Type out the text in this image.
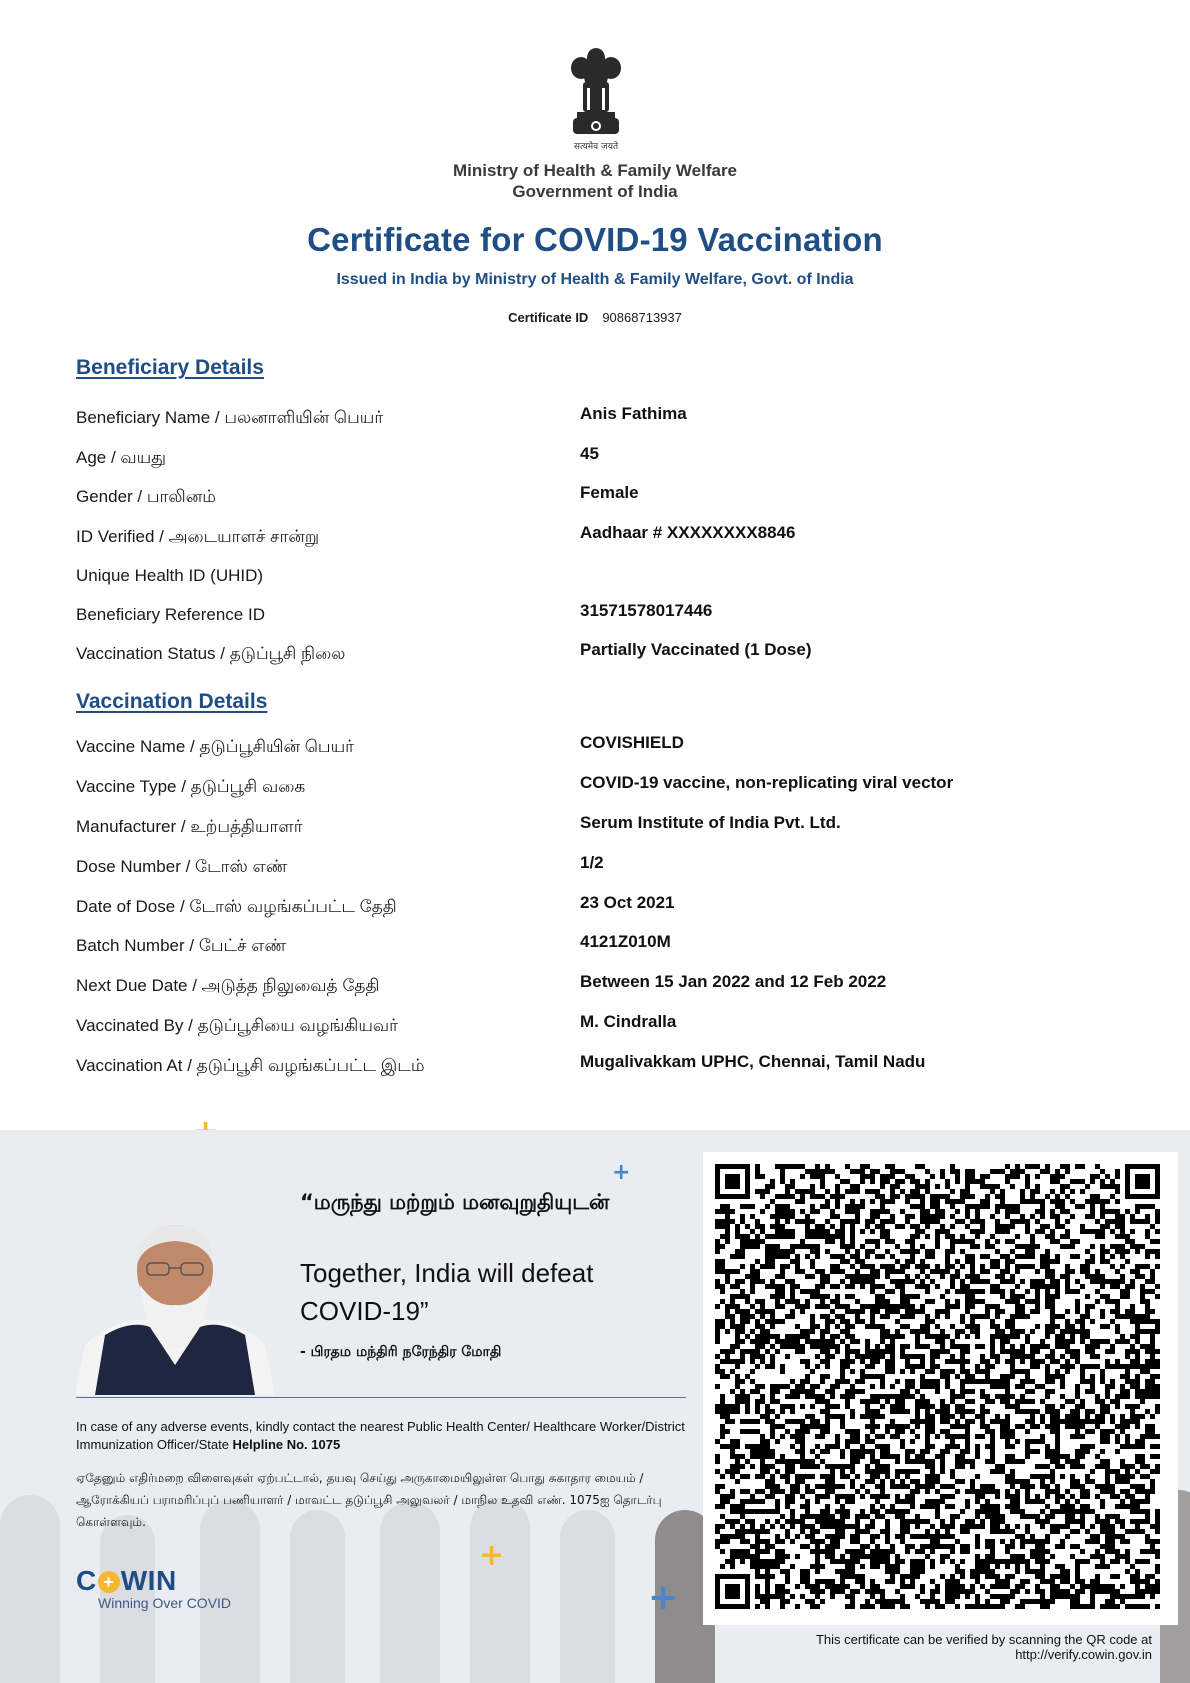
सत्यमेव जयते
Ministry of Health & Family Welfare
Government of India
Certificate for COVID-19 Vaccination
Issued in India by Ministry of Health & Family Welfare, Govt. of India
Certificate ID 90868713937
Beneficiary Details
Beneficiary Name / பலனாளியின் பெயர்	Anis Fathima
Age / வயது	45
Gender / பாலினம்	Female
ID Verified / அடையாளச் சான்று	Aadhaar # XXXXXXXX8846
Unique Health ID (UHID)
Beneficiary Reference ID	31571578017446
Vaccination Status / தடுப்பூசி நிலை	Partially Vaccinated (1 Dose)
Vaccination Details
Vaccine Name / தடுப்பூசியின் பெயர்	COVISHIELD
Vaccine Type / தடுப்பூசி வகை	COVID-19 vaccine, non-replicating viral vector
Manufacturer / உற்பத்தியாளர்	Serum Institute of India Pvt. Ltd.
Dose Number / டோஸ் எண்	1/2
Date of Dose / டோஸ் வழங்கப்பட்ட தேதி	23 Oct 2021
Batch Number / பேட்ச் எண்	4121Z010M
Next Due Date / அடுத்த நிலுவைத் தேதி	Between 15 Jan 2022 and 12 Feb 2022
Vaccinated By / தடுப்பூசியை வழங்கியவர்	M. Cindralla
Vaccination At / தடுப்பூசி வழங்கப்பட்ட இடம்	Mugalivakkam UPHC, Chennai, Tamil Nadu
+
+
+
“மருந்து மற்றும் மனவுறுதியுடன்
Together, India will defeat COVID-19”
- பிரதம மந்திரி நரேந்திர மோதி
In case of any adverse events, kindly contact the nearest Public Health Center/ Healthcare Worker/District Immunization Officer/State Helpline No. 1075
ஏதேனும் எதிர்மறை விளைவுகள் ஏற்பட்டால், தயவு செய்து அருகாமையிலுள்ள பொது சுகாதார மையம் / ஆரோக்கியப் பராமரிப்புப் பணியாளர் / மாவட்ட தடுப்பூசி அலுவலர் / மாநில உதவி எண். 1075ஐ தொடர்பு கொள்ளவும்.
C + WIN
Winning Over COVID
This certificate can be verified by scanning the QR code at
http://verify.cowin.gov.in
